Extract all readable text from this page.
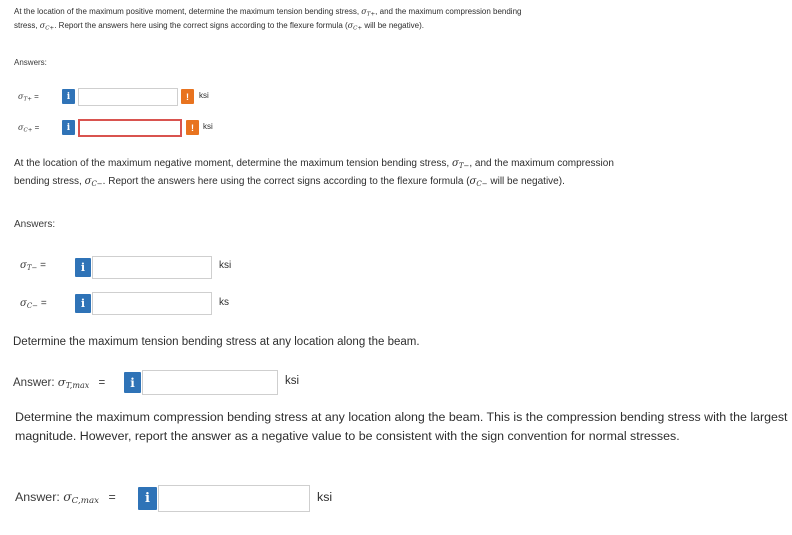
At the location of the maximum positive moment, determine the maximum tension bending stress, $\sigma_{T+}$, and the maximum compression bending stress, $\sigma_{C+}$. Report the answers here using the correct signs according to the flexure formula ($\sigma_{C+}$ will be negative).
Answers:
$\sigma_{T+}$ =	i	!	ksi
$\sigma_{C+}$ =	i	!	ksi
At the location of the maximum negative moment, determine the maximum tension bending stress, $\sigma_{T-}$, and the maximum compression bending stress, $\sigma_{C-}$. Report the answers here using the correct signs according to the flexure formula ($\sigma_{C-}$ will be negative).
Answers:
$\sigma_{T-}$ =	i	ksi
$\sigma_{C-}$ =	i	ks
Determine the maximum tension bending stress at any location along the beam.
Answer: $\sigma_{T,max}$ =	i	ksi
Determine the maximum compression bending stress at any location along the beam. This is the compression bending stress with the largest magnitude. However, report the answer as a negative value to be consistent with the sign convention for normal stresses.
Answer: $\sigma_{C,max}$ =	i	ksi
